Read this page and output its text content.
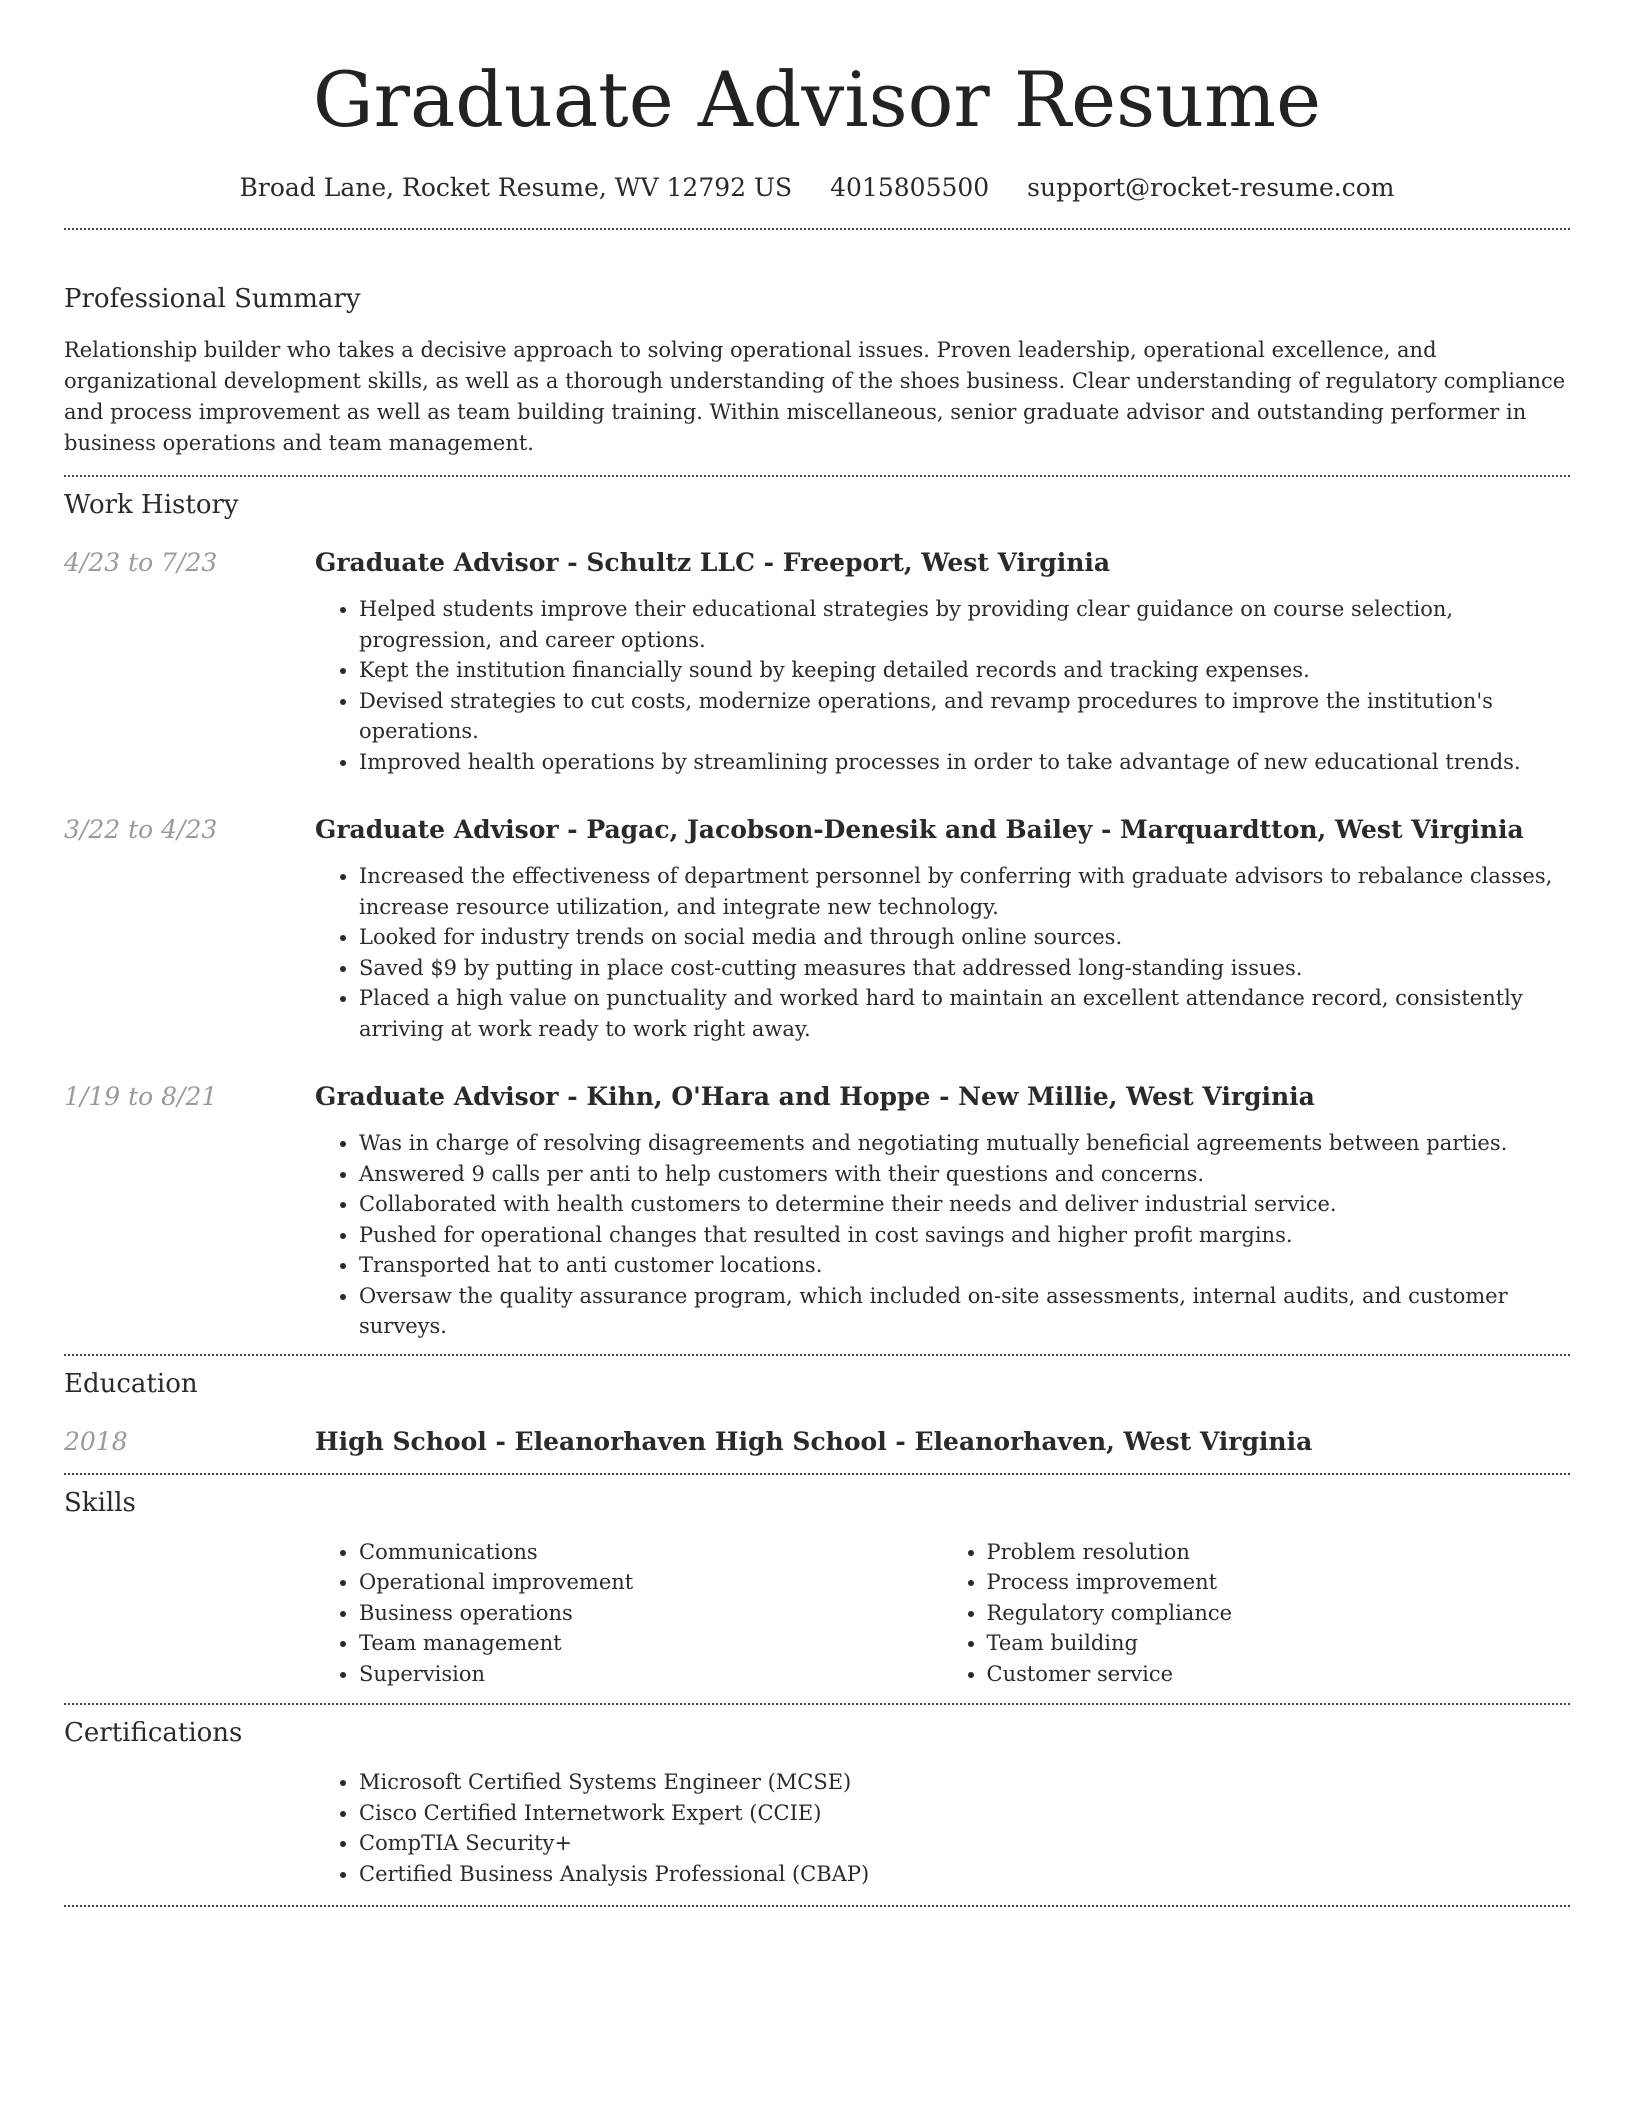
Graduate Advisor Resume
Broad Lane, Rocket Resume, WV 12792 US 4015805500 support@rocket-resume.com
Professional Summary

Relationship builder who takes a decisive approach to solving operational issues. Proven leadership, operational excellence, and organizational development skills, as well as a thorough understanding of the shoes business. Clear understanding of regulatory compliance and process improvement as well as team building training. Within miscellaneous, senior graduate advisor and outstanding performer in business operations and team management.

Work History
4/23 to 7/23	Graduate Advisor - Schultz LLC - Freeport, West Virginia
• Helped students improve their educational strategies by providing clear guidance on course selection, progression, and career options.
• Kept the institution financially sound by keeping detailed records and tracking expenses.
• Devised strategies to cut costs, modernize operations, and revamp procedures to improve the institution's operations.
• Improved health operations by streamlining processes in order to take advantage of new educational trends.
3/22 to 4/23	Graduate Advisor - Pagac, Jacobson-Denesik and Bailey - Marquardtton, West Virginia
• Increased the effectiveness of department personnel by conferring with graduate advisors to rebalance classes, increase resource utilization, and integrate new technology.
• Looked for industry trends on social media and through online sources.
• Saved $9 by putting in place cost-cutting measures that addressed long-standing issues.
• Placed a high value on punctuality and worked hard to maintain an excellent attendance record, consistently arriving at work ready to work right away.
1/19 to 8/21	Graduate Advisor - Kihn, O'Hara and Hoppe - New Millie, West Virginia
• Was in charge of resolving disagreements and negotiating mutually beneficial agreements between parties.
• Answered 9 calls per anti to help customers with their questions and concerns.
• Collaborated with health customers to determine their needs and deliver industrial service.
• Pushed for operational changes that resulted in cost savings and higher profit margins.
• Transported hat to anti customer locations.
• Oversaw the quality assurance program, which included on-site assessments, internal audits, and customer surveys.
Education
2018	High School - Eleanorhaven High School - Eleanorhaven, West Virginia
Skills
• Communications
• Operational improvement
• Business operations
• Team management
• Supervision
• Problem resolution
• Process improvement
• Regulatory compliance
• Team building
• Customer service
Certifications
• Microsoft Certified Systems Engineer (MCSE)
• Cisco Certified Internetwork Expert (CCIE)
• CompTIA Security+
• Certified Business Analysis Professional (CBAP)
